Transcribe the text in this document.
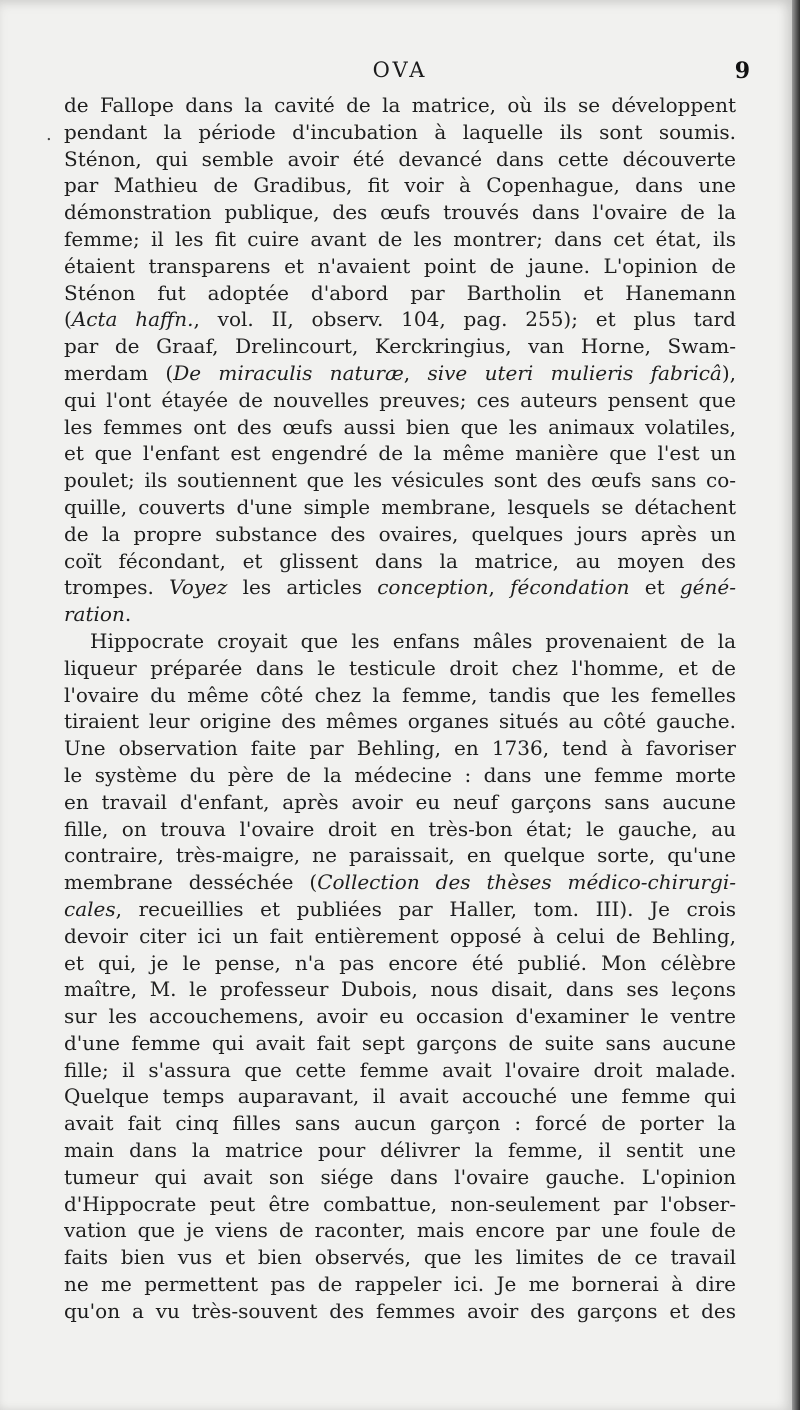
OVA	9
.
de Fallope dans la cavité de la matrice, où ils se développent
pendant la période d'incubation à laquelle ils sont soumis.
Sténon, qui semble avoir été devancé dans cette découverte
par Mathieu de Gradibus, fit voir à Copenhague, dans une
démonstration publique, des œufs trouvés dans l'ovaire de la
femme; il les fit cuire avant de les montrer; dans cet état, ils
étaient transparens et n'avaient point de jaune. L'opinion de
Sténon fut adoptée d'abord par Bartholin et Hanemann
(Acta haffn., vol. II, observ. 104, pag. 255); et plus tard
par de Graaf, Drelincourt, Kerckringius, van Horne, Swam-
merdam (De miraculis naturæ, sive uteri mulieris fabricâ),
qui l'ont étayée de nouvelles preuves; ces auteurs pensent que
les femmes ont des œufs aussi bien que les animaux volatiles,
et que l'enfant est engendré de la même manière que l'est un
poulet; ils soutiennent que les vésicules sont des œufs sans co-
quille, couverts d'une simple membrane, lesquels se détachent
de la propre substance des ovaires, quelques jours après un
coït fécondant, et glissent dans la matrice, au moyen des
trompes. Voyez les articles conception, fécondation et géné-
ration.
Hippocrate croyait que les enfans mâles provenaient de la
liqueur préparée dans le testicule droit chez l'homme, et de
l'ovaire du même côté chez la femme, tandis que les femelles
tiraient leur origine des mêmes organes situés au côté gauche.
Une observation faite par Behling, en 1736, tend à favoriser
le système du père de la médecine : dans une femme morte
en travail d'enfant, après avoir eu neuf garçons sans aucune
fille, on trouva l'ovaire droit en très-bon état; le gauche, au
contraire, très-maigre, ne paraissait, en quelque sorte, qu'une
membrane desséchée (Collection des thèses médico-chirurgi-
cales, recueillies et publiées par Haller, tom. III). Je crois
devoir citer ici un fait entièrement opposé à celui de Behling,
et qui, je le pense, n'a pas encore été publié. Mon célèbre
maître, M. le professeur Dubois, nous disait, dans ses leçons
sur les accouchemens, avoir eu occasion d'examiner le ventre
d'une femme qui avait fait sept garçons de suite sans aucune
fille; il s'assura que cette femme avait l'ovaire droit malade.
Quelque temps auparavant, il avait accouché une femme qui
avait fait cinq filles sans aucun garçon : forcé de porter la
main dans la matrice pour délivrer la femme, il sentit une
tumeur qui avait son siége dans l'ovaire gauche. L'opinion
d'Hippocrate peut être combattue, non-seulement par l'obser-
vation que je viens de raconter, mais encore par une foule de
faits bien vus et bien observés, que les limites de ce travail
ne me permettent pas de rappeler ici. Je me bornerai à dire
qu'on a vu très-souvent des femmes avoir des garçons et des
